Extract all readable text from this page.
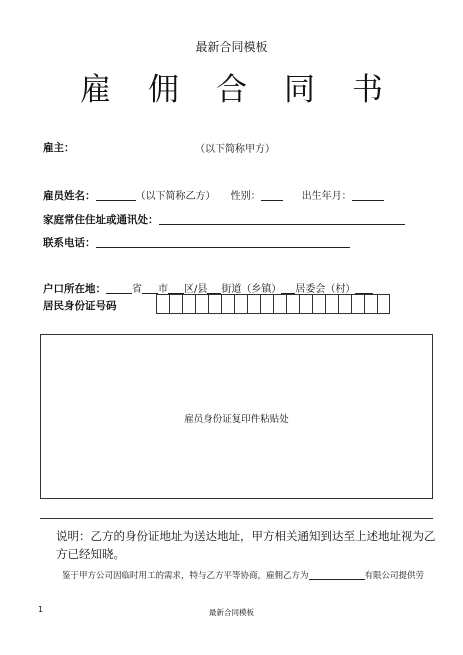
最新合同模板
雇佣合同书
雇主：	（以下简称甲方）
雇员姓名：	（以下简称乙方） 性别：	出生年月：
家庭常住住址或通讯处：
联系电话：
户口所在地：	省 市 区/县 街道（乡镇） 居委会（村）
居民身份证号码
雇员身份证复印件粘贴处
说明：乙方的身份证地址为送达地址，甲方相关通知到达至上述地址视为乙方已经知晓。
鉴于甲方公司因临时用工的需求，特与乙方平等协商，雇佣乙方为	有限公司提供劳
1	最新合同模板
